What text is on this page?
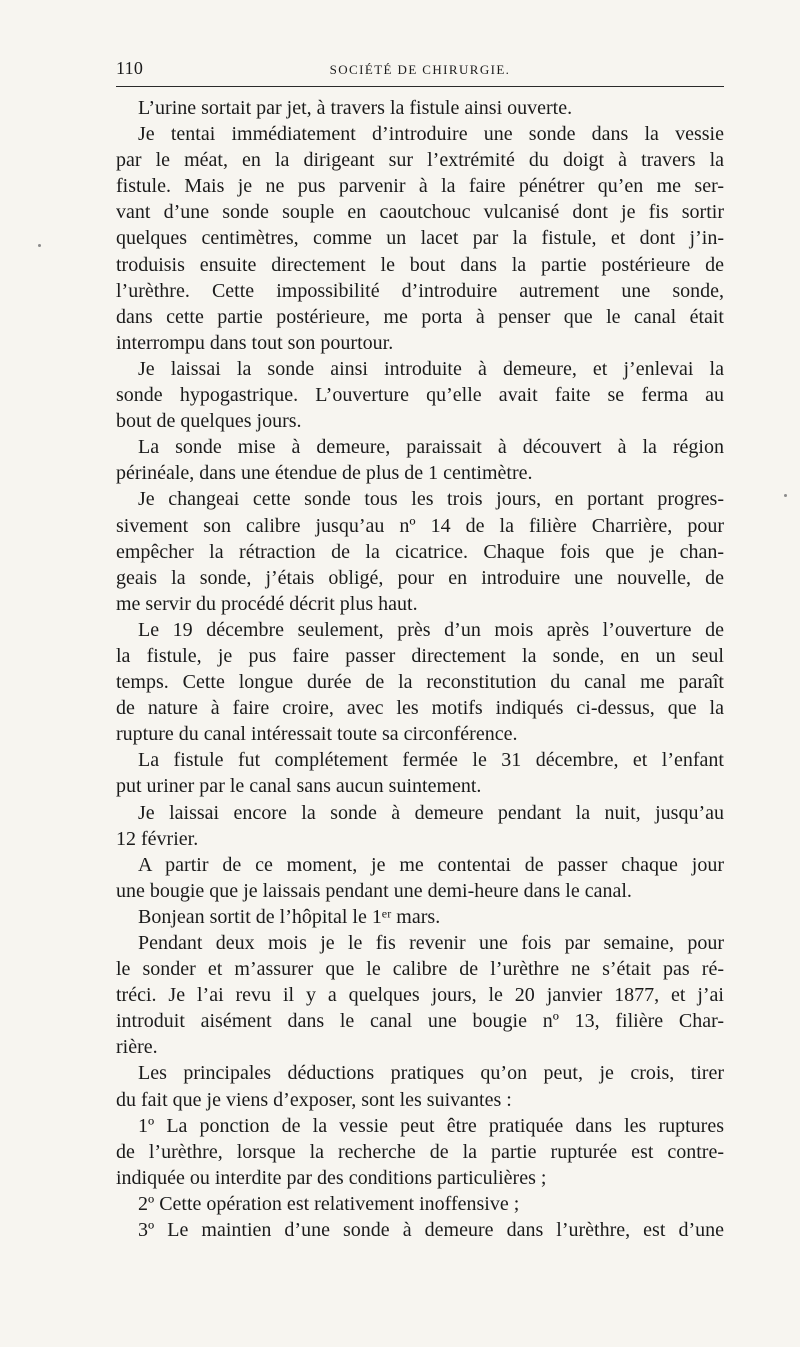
110	SOCIÉTÉ DE CHIRURGIE.
L’urine sortait par jet, à travers la fistule ainsi ouverte.
Je tentai immédiatement d’introduire une sonde dans la vessie
par le méat, en la dirigeant sur l’extrémité du doigt à travers la
fistule. Mais je ne pus parvenir à la faire pénétrer qu’en me ser-
vant d’une sonde souple en caoutchouc vulcanisé dont je fis sortir
quelques centimètres, comme un lacet par la fistule, et dont j’in-
troduisis ensuite directement le bout dans la partie postérieure de
l’urèthre. Cette impossibilité d’introduire autrement une sonde,
dans cette partie postérieure, me porta à penser que le canal était
interrompu dans tout son pourtour.
Je laissai la sonde ainsi introduite à demeure, et j’enlevai la
sonde hypogastrique. L’ouverture qu’elle avait faite se ferma au
bout de quelques jours.
La sonde mise à demeure, paraissait à découvert à la région
périnéale, dans une étendue de plus de 1 centimètre.
Je changeai cette sonde tous les trois jours, en portant progres-
sivement son calibre jusqu’au nº 14 de la filière Charrière, pour
empêcher la rétraction de la cicatrice. Chaque fois que je chan-
geais la sonde, j’étais obligé, pour en introduire une nouvelle, de
me servir du procédé décrit plus haut.
Le 19 décembre seulement, près d’un mois après l’ouverture de
la fistule, je pus faire passer directement la sonde, en un seul
temps. Cette longue durée de la reconstitution du canal me paraît
de nature à faire croire, avec les motifs indiqués ci-dessus, que la
rupture du canal intéressait toute sa circonférence.
La fistule fut complétement fermée le 31 décembre, et l’enfant
put uriner par le canal sans aucun suintement.
Je laissai encore la sonde à demeure pendant la nuit, jusqu’au
12 février.
A partir de ce moment, je me contentai de passer chaque jour
une bougie que je laissais pendant une demi-heure dans le canal.
Bonjean sortit de l’hôpital le 1ᵉʳ mars.
Pendant deux mois je le fis revenir une fois par semaine, pour
le sonder et m’assurer que le calibre de l’urèthre ne s’était pas ré-
tréci. Je l’ai revu il y a quelques jours, le 20 janvier 1877, et j’ai
introduit aisément dans le canal une bougie nº 13, filière Char-
rière.
Les principales déductions pratiques qu’on peut, je crois, tirer
du fait que je viens d’exposer, sont les suivantes :
1º La ponction de la vessie peut être pratiquée dans les ruptures
de l’urèthre, lorsque la recherche de la partie rupturée est contre-
indiquée ou interdite par des conditions particulières ;
2º Cette opération est relativement inoffensive ;
3º Le maintien d’une sonde à demeure dans l’urèthre, est d’une
